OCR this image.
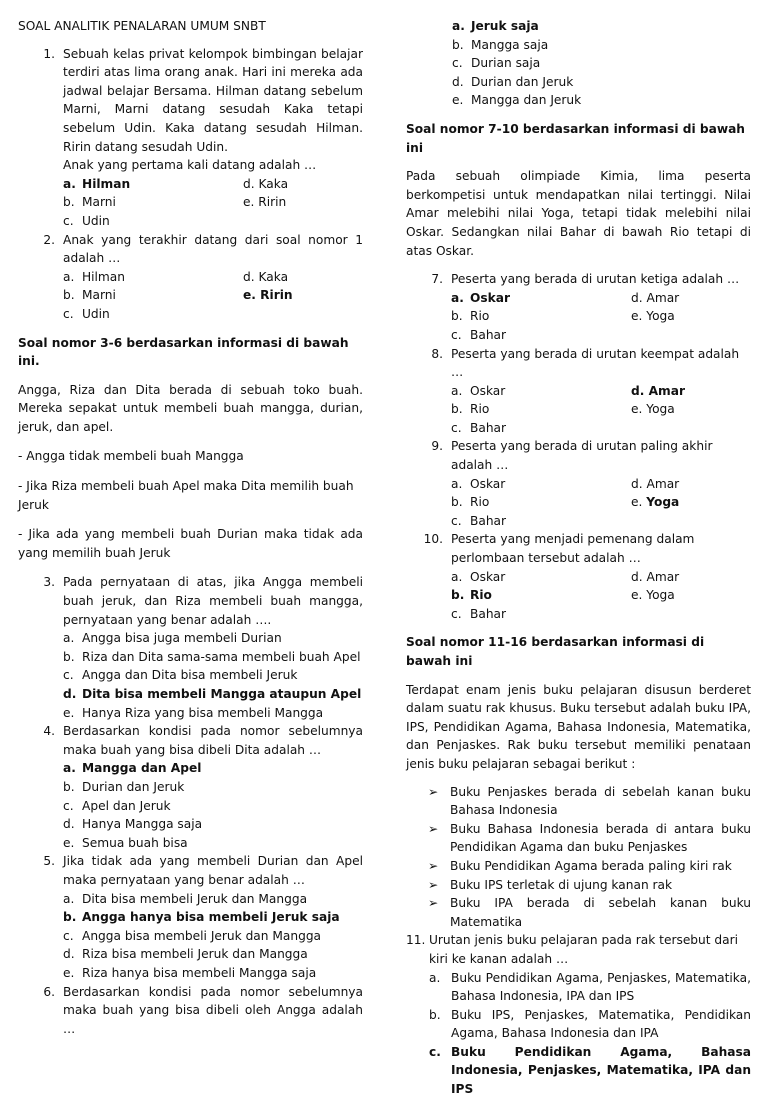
SOAL ANALITIK PENALARAN UMUM SNBT

1. Sebuah kelas privat kelompok bimbingan belajar terdiri atas lima orang anak. Hari ini mereka ada jadwal belajar Bersama. Hilman datang sebelum Marni, Marni datang sesudah Kaka tetapi sebelum Udin. Kaka datang sesudah Hilman. Ririn datang sesudah Udin.

Anak yang pertama kali datang adalah …

a. Hilman	d. Kaka
b. Marni	e. Ririn
c. Udin
2. Anak yang terakhir datang dari soal nomor 1 adalah …

a. Hilman	d. Kaka
b. Marni	e. Ririn
c. Udin

Soal nomor 3-6 berdasarkan informasi di bawah ini.

Angga, Riza dan Dita berada di sebuah toko buah. Mereka sepakat untuk membeli buah mangga, durian, jeruk, dan apel.

- Angga tidak membeli buah Mangga

- Jika Riza membeli buah Apel maka Dita memilih buah Jeruk

- Jika ada yang membeli buah Durian maka tidak ada yang memilih buah Jeruk

3. Pada pernyataan di atas, jika Angga membeli buah jeruk, dan Riza membeli buah mangga, pernyataan yang benar adalah ….

a. Angga bisa juga membeli Durian
b. Riza dan Dita sama-sama membeli buah Apel
c. Angga dan Dita bisa membeli Jeruk
d. Dita bisa membeli Mangga ataupun Apel
e. Hanya Riza yang bisa membeli Mangga
4. Berdasarkan kondisi pada nomor sebelumnya maka buah yang bisa dibeli Dita adalah …

a. Mangga dan Apel
b. Durian dan Jeruk
c. Apel dan Jeruk
d. Hanya Mangga saja
e. Semua buah bisa
5. Jika tidak ada yang membeli Durian dan Apel maka pernyataan yang benar adalah …

a. Dita bisa membeli Jeruk dan Mangga
b. Angga hanya bisa membeli Jeruk saja
c. Angga bisa membeli Jeruk dan Mangga
d. Riza bisa membeli Jeruk dan Mangga
e. Riza hanya bisa membeli Mangga saja
6. Berdasarkan kondisi pada nomor sebelumnya maka buah yang bisa dibeli oleh Angga adalah …

a. Jeruk saja
b. Mangga saja
c. Durian saja
d. Durian dan Jeruk
e. Mangga dan Jeruk

Soal nomor 7-10 berdasarkan informasi di bawah ini

Pada sebuah olimpiade Kimia, lima peserta berkompetisi untuk mendapatkan nilai tertinggi. Nilai Amar melebihi nilai Yoga, tetapi tidak melebihi nilai Oskar. Sedangkan nilai Bahar di bawah Rio tetapi di atas Oskar.

7. Peserta yang berada di urutan ketiga adalah …

a. Oskar	d. Amar
b. Rio	e. Yoga
c. Bahar
8. Peserta yang berada di urutan keempat adalah …

a. Oskar	d. Amar
b. Rio	e. Yoga
c. Bahar
9. Peserta yang berada di urutan paling akhir adalah …

a. Oskar	d. Amar
b. Rio	e.
Yoga
c. Bahar
10. Peserta yang menjadi pemenang dalam perlombaan tersebut adalah …

a. Oskar	d. Amar
b. Rio	e. Yoga
c. Bahar

Soal nomor 11-16 berdasarkan informasi di bawah ini

Terdapat enam jenis buku pelajaran disusun berderet dalam suatu rak khusus. Buku tersebut adalah buku IPA, IPS, Pendidikan Agama, Bahasa Indonesia, Matematika, dan Penjaskes. Rak buku tersebut memiliki penataan jenis buku pelajaran sebagai berikut :

➢ Buku Penjaskes berada di sebelah kanan buku Bahasa Indonesia
➢ Buku Bahasa Indonesia berada di antara buku Pendidikan Agama dan buku Penjaskes
➢ Buku Pendidikan Agama berada paling kiri rak
➢ Buku IPS terletak di ujung kanan rak
➢ Buku IPA berada di sebelah kanan buku Matematika
11. Urutan jenis buku pelajaran pada rak tersebut dari kiri ke kanan adalah …

a. Buku Pendidikan Agama, Penjaskes, Matematika, Bahasa Indonesia, IPA dan IPS
b. Buku IPS, Penjaskes, Matematika, Pendidikan Agama, Bahasa Indonesia dan IPA
c. Buku Pendidikan Agama, Bahasa Indonesia, Penjaskes, Matematika, IPA dan IPS
